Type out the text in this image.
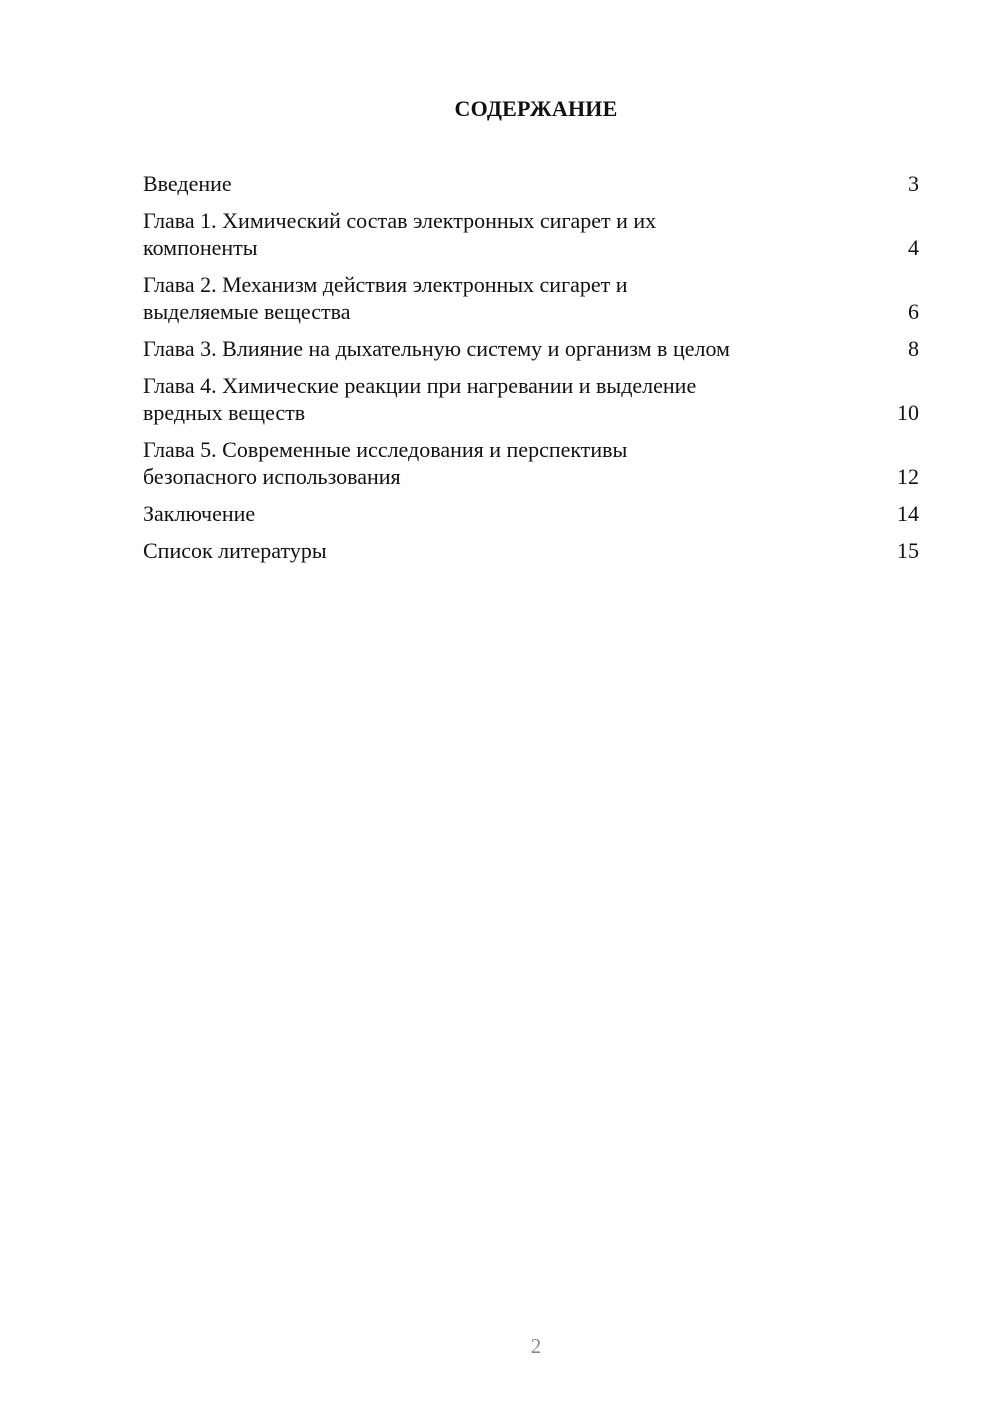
СОДЕРЖАНИЕ
Введение	3
Глава 1. Химический состав электронных сигарет и их
компоненты	4
Глава 2. Механизм действия электронных сигарет и
выделяемые вещества	6
Глава 3. Влияние на дыхательную систему и организм в целом	8
Глава 4. Химические реакции при нагревании и выделение
вредных веществ	10
Глава 5. Современные исследования и перспективы
безопасного использования	12
Заключение	14
Список литературы	15
2
